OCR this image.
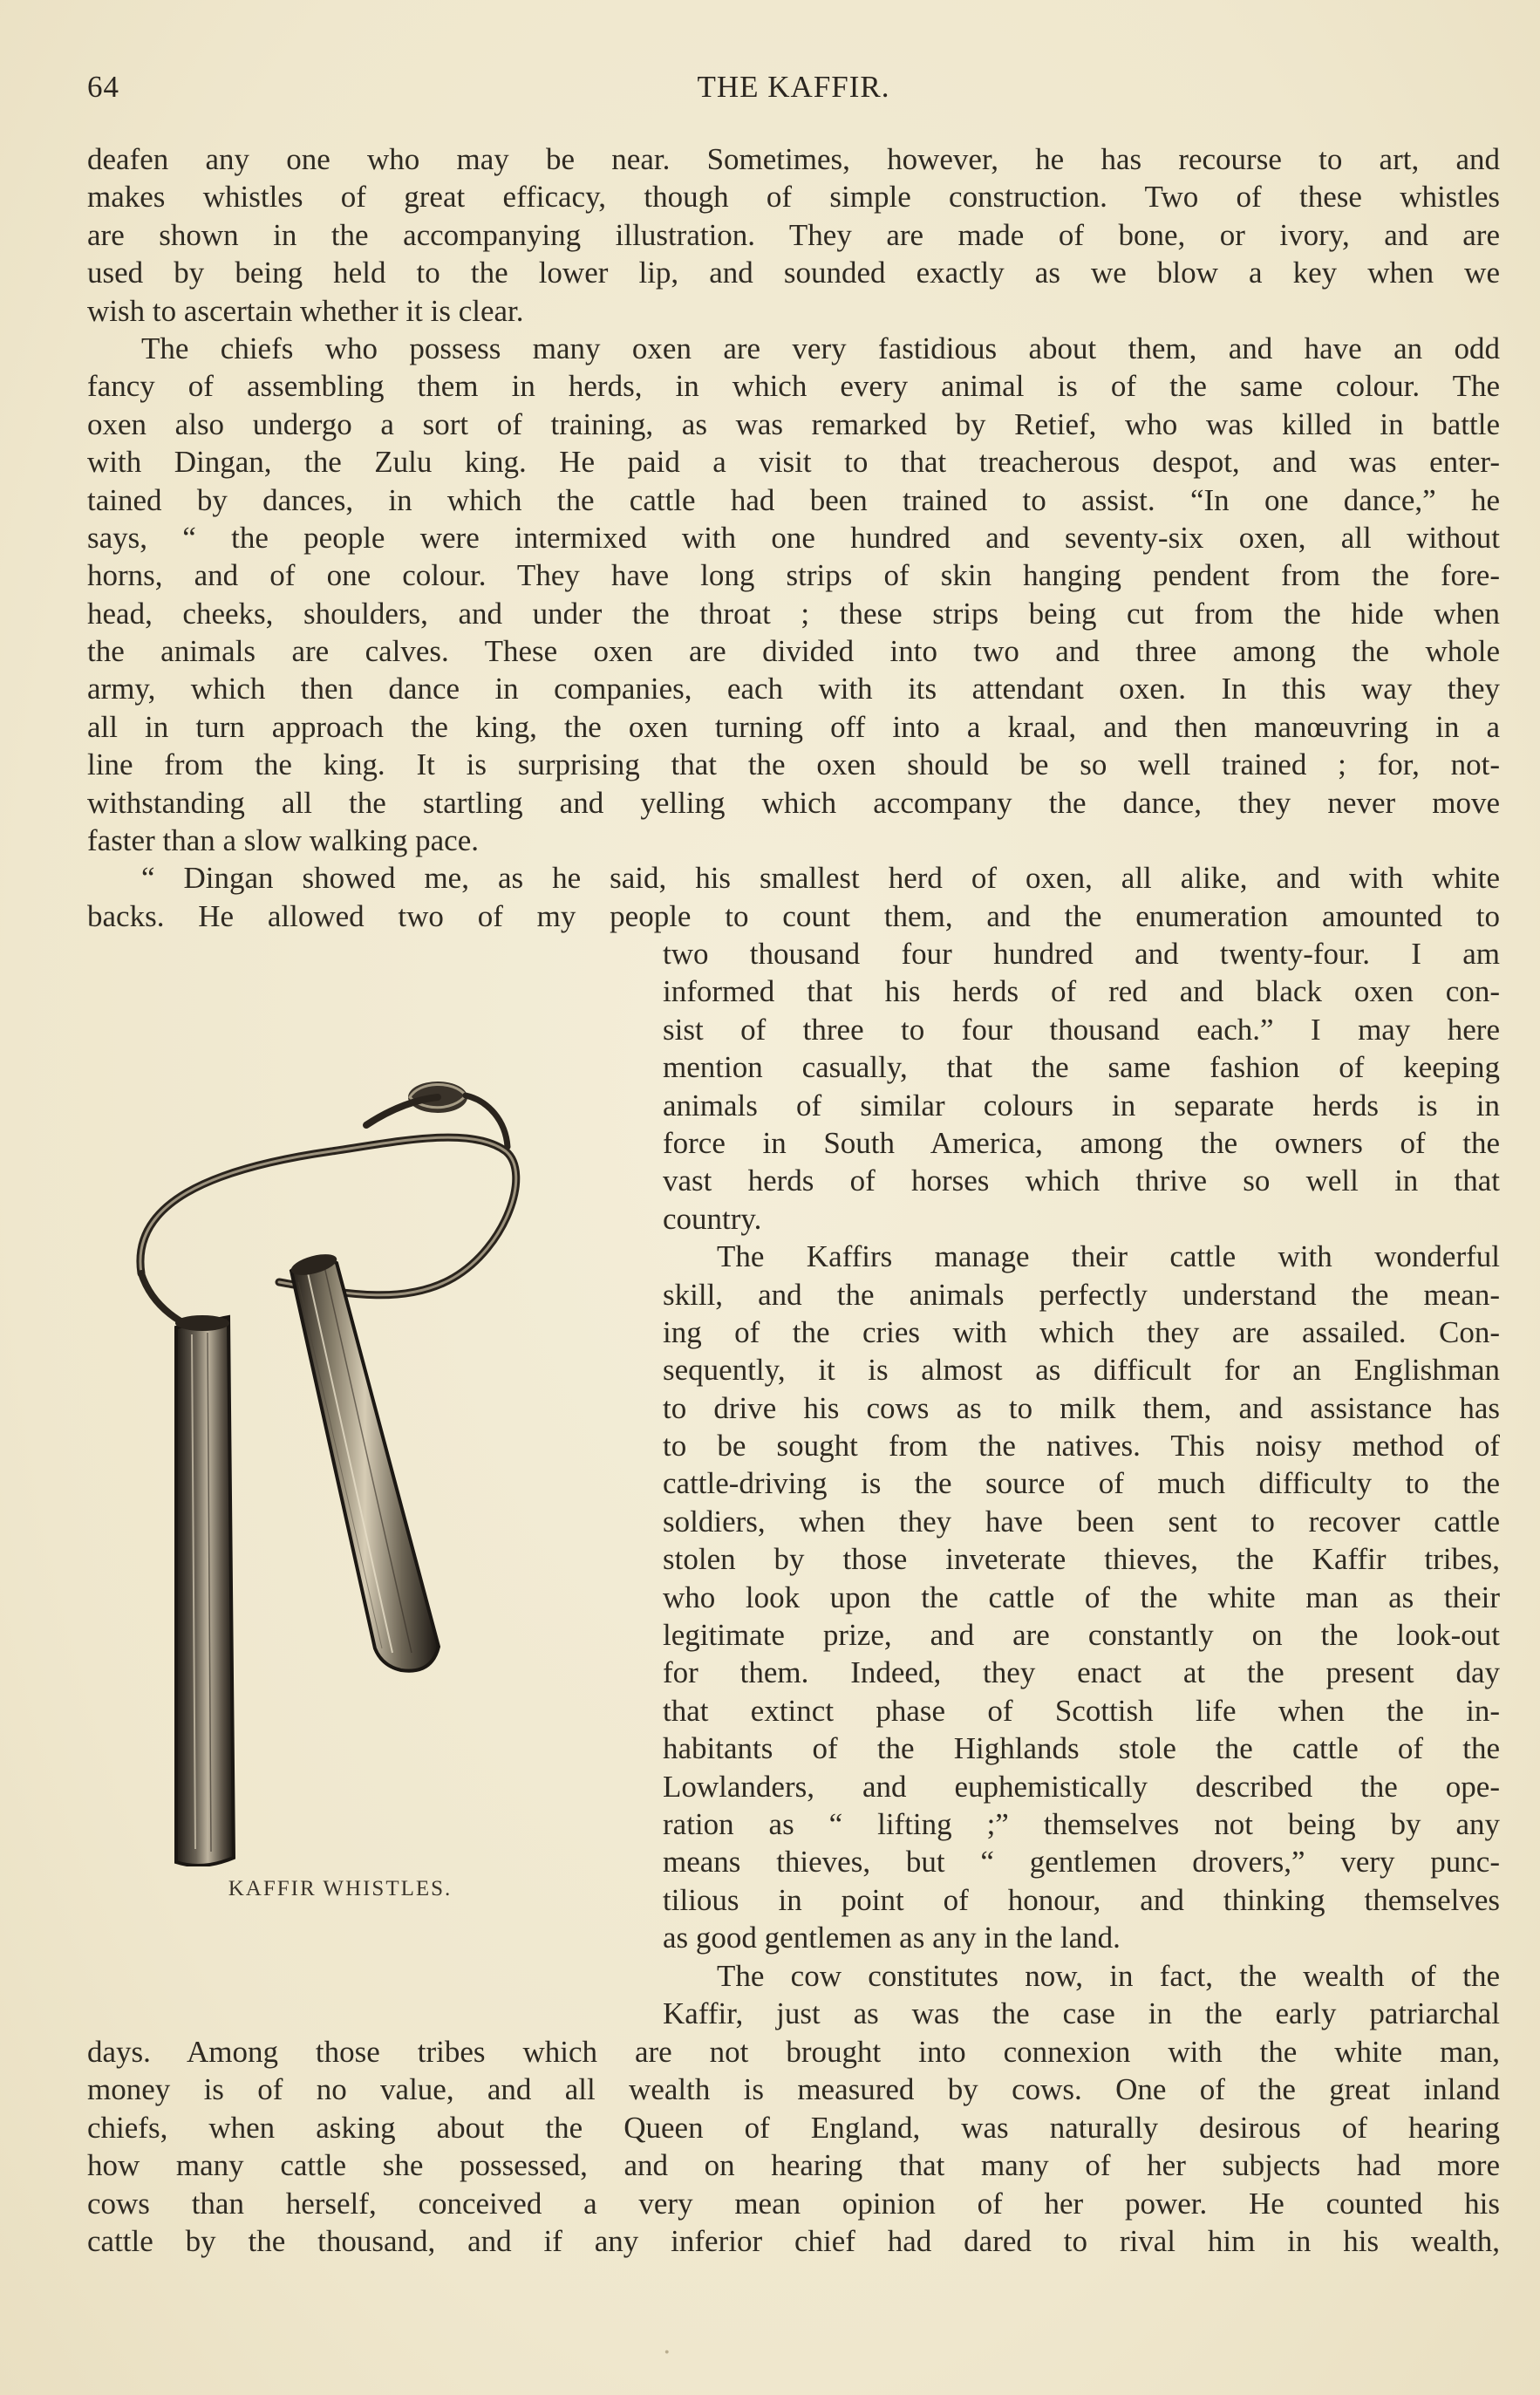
64	THE KAFFIR.
deafen any one who may be near. Sometimes, however, he has recourse to art, and
makes whistles of great efficacy, though of simple construction. Two of these whistles
are shown in the accompanying illustration. They are made of bone, or ivory, and are
used by being held to the lower lip, and sounded exactly as we blow a key when we
wish to ascertain whether it is clear.
The chiefs who possess many oxen are very fastidious about them, and have an odd
fancy of assembling them in herds, in which every animal is of the same colour. The
oxen also undergo a sort of training, as was remarked by Retief, who was killed in battle
with Dingan, the Zulu king. He paid a visit to that treacherous despot, and was enter-
tained by dances, in which the cattle had been trained to assist. “In one dance,” he
says, “ the people were intermixed with one hundred and seventy-six oxen, all without
horns, and of one colour. They have long strips of skin hanging pendent from the fore-
head, cheeks, shoulders, and under the throat ; these strips being cut from the hide when
the animals are calves. These oxen are divided into two and three among the whole
army, which then dance in companies, each with its attendant oxen. In this way they
all in turn approach the king, the oxen turning off into a kraal, and then manœuvring in a
line from the king. It is surprising that the oxen should be so well trained ; for, not-
withstanding all the startling and yelling which accompany the dance, they never move
faster than a slow walking pace.
“ Dingan showed me, as he said, his smallest herd of oxen, all alike, and with white
backs. He allowed two of my people to count them, and the enumeration amounted to
two thousand four hundred and twenty-four. I am
informed that his herds of red and black oxen con-
sist of three to four thousand each.” I may here
mention casually, that the same fashion of keeping
animals of similar colours in separate herds is in
force in South America, among the owners of the
vast herds of horses which thrive so well in that
country.
The Kaffirs manage their cattle with wonderful
skill, and the animals perfectly understand the mean-
ing of the cries with which they are assailed. Con-
sequently, it is almost as difficult for an Englishman
to drive his cows as to milk them, and assistance has
to be sought from the natives. This noisy method of
cattle-driving is the source of much difficulty to the
soldiers, when they have been sent to recover cattle
stolen by those inveterate thieves, the Kaffir tribes,
who look upon the cattle of the white man as their
legitimate prize, and are constantly on the look-out
for them. Indeed, they enact at the present day
that extinct phase of Scottish life when the in-
habitants of the Highlands stole the cattle of the
Lowlanders, and euphemistically described the ope-
ration as “ lifting ;” themselves not being by any
means thieves, but “ gentlemen drovers,” very punc-
tilious in point of honour, and thinking themselves
as good gentlemen as any in the land.
The cow constitutes now, in fact, the wealth of the
Kaffir, just as was the case in the early patriarchal
days. Among those tribes which are not brought into connexion with the white man,
money is of no value, and all wealth is measured by cows. One of the great inland
chiefs, when asking about the Queen of England, was naturally desirous of hearing
how many cattle she possessed, and on hearing that many of her subjects had more
cows than herself, conceived a very mean opinion of her power. He counted his
cattle by the thousand, and if any inferior chief had dared to rival him in his wealth,
KAFFIR WHISTLES.
·
